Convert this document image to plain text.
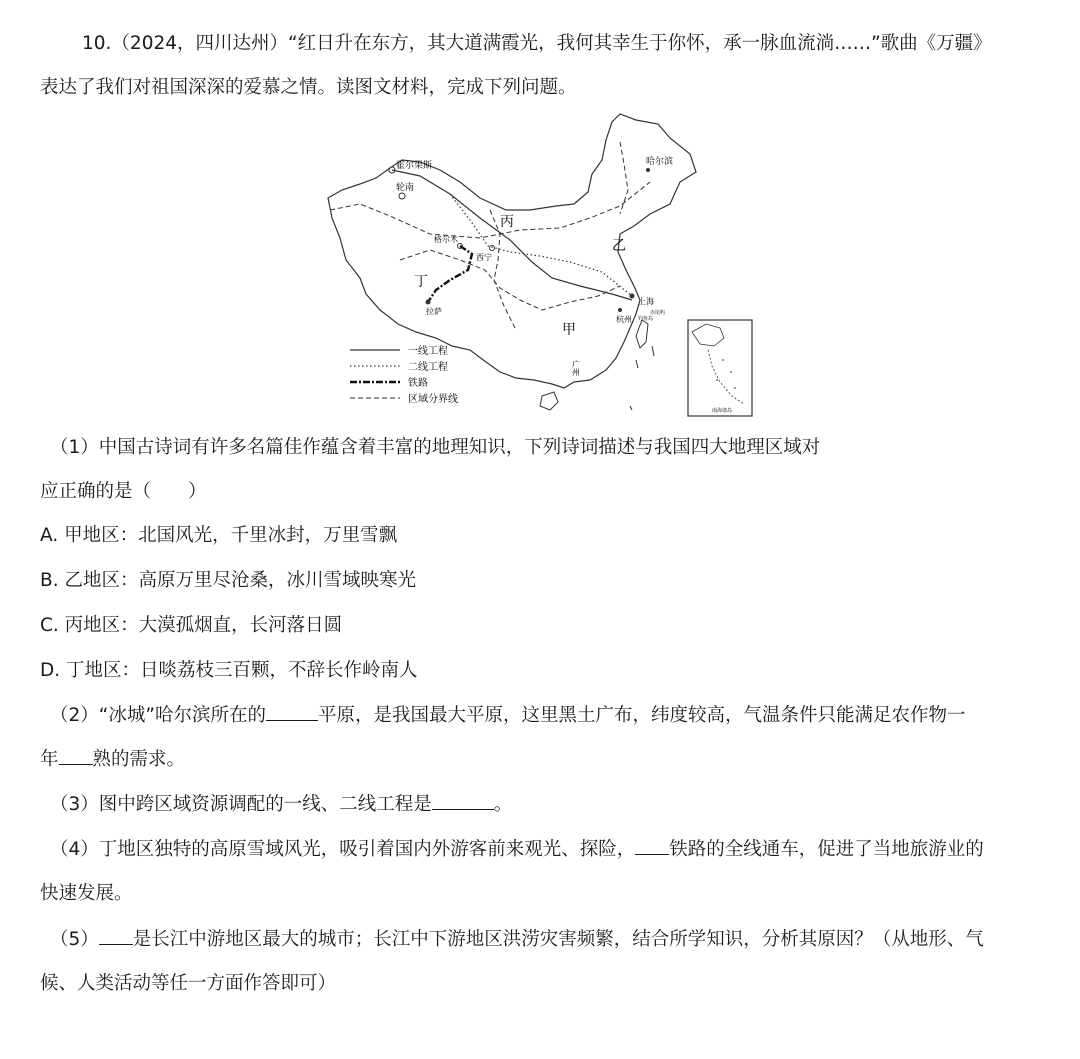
10.（2024，四川达州）“红日升在东方，其大道满霞光，我何其幸生于你怀，承一脉血流淌……”歌曲《万疆》
表达了我们对祖国深深的爱慕之情。读图文材料，完成下列问题。
霍尔果斯
轮南
哈尔滨
格尔木
西宁
拉萨
上海
杭州
广州
赤尾屿
钓鱼岛
丙
乙
丁
甲
南海诸岛
一线工程
二线工程
铁路
区域分界线
（1）中国古诗词有许多名篇佳作蕴含着丰富的地理知识，下列诗词描述与我国四大地理区域对
应正确的是（　　）
A. 甲地区：北国风光，千里冰封，万里雪飘
B. 乙地区：高原万里尽沧桑，冰川雪域映寒光
C. 丙地区：大漠孤烟直，长河落日圆
D. 丁地区：日啖荔枝三百颗，不辞长作岭南人
（2）“冰城”哈尔滨所在的	平原，是我国最大平原，这里黑土广布，纬度较高，气温条件只能满足农作物一
年 熟的需求。
（3）图中跨区域资源调配的一线、二线工程是	。
（4）丁地区独特的高原雪域风光，吸引着国内外游客前来观光、探险， 铁路的全线通车，促进了当地旅游业的
快速发展。
（5） 是长江中游地区最大的城市；长江中下游地区洪涝灾害频繁，结合所学知识，分析其原因？（从地形、气
候、人类活动等任一方面作答即可）
